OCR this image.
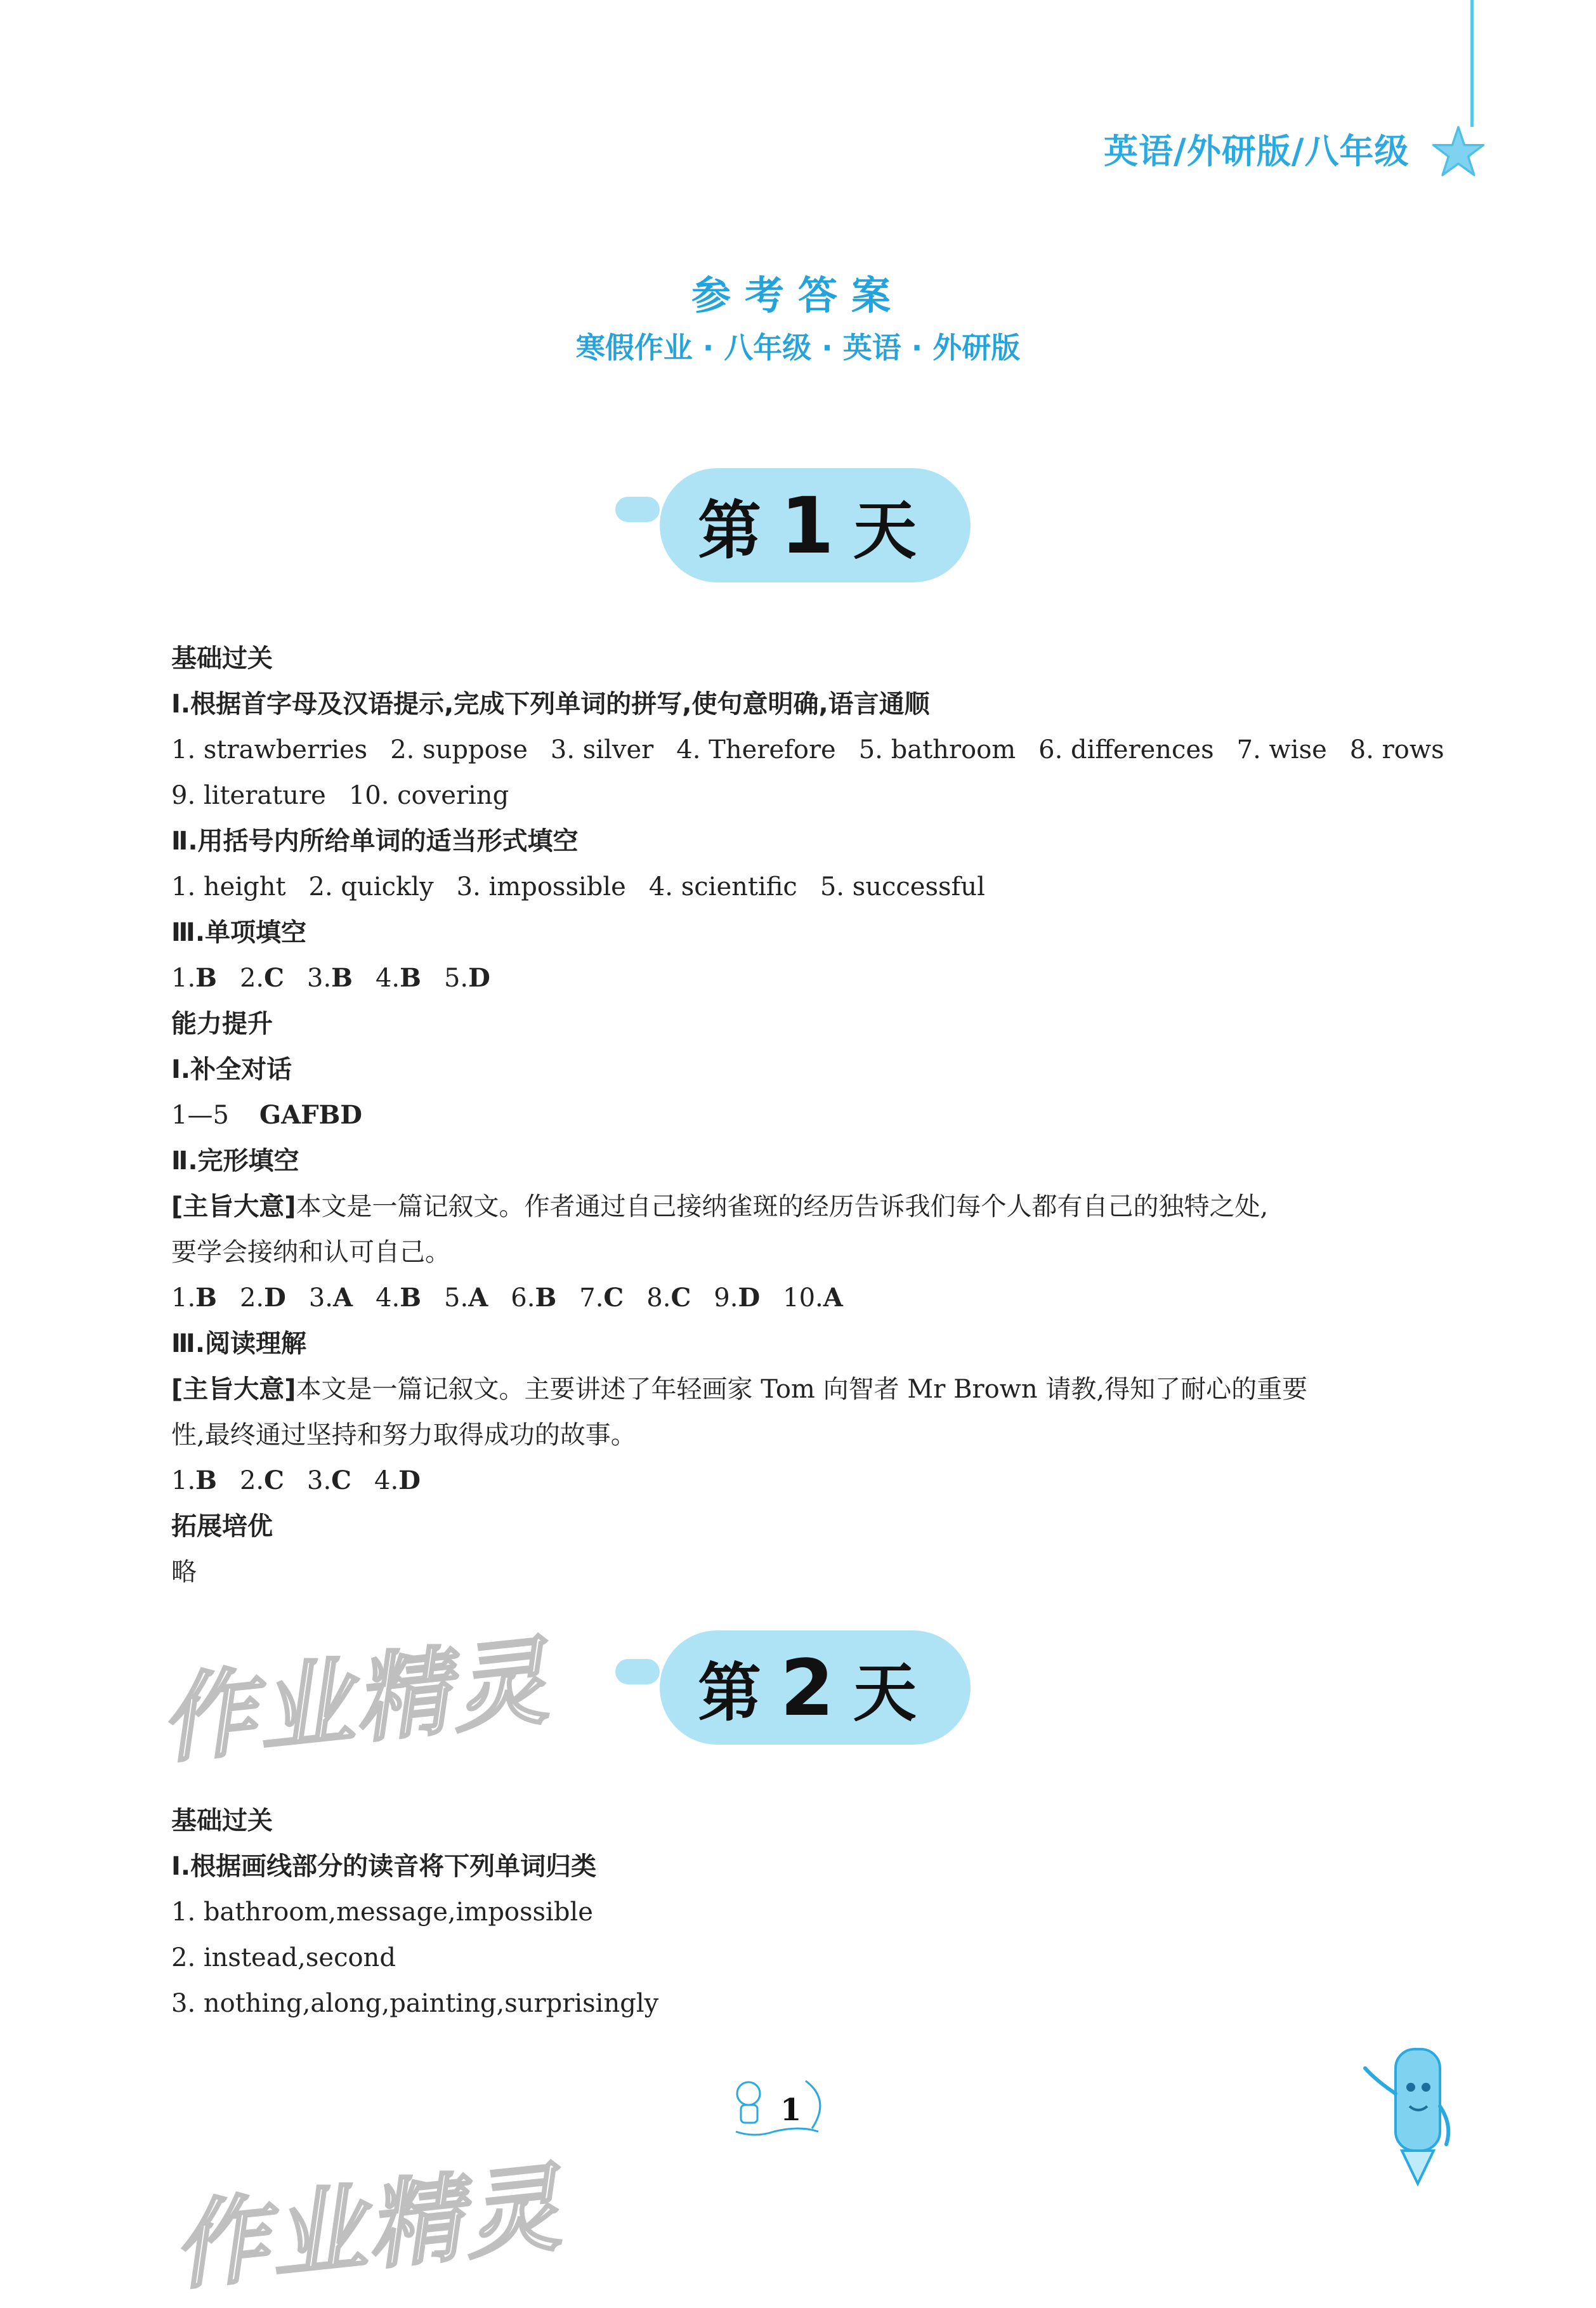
英语/外研版/八年级
参考答案
寒假作业 · 八年级 · 英语 · 外研版
第 1 天
基础过关
Ⅰ.根据首字母及汉语提示,完成下列单词的拼写,使句意明确,语言通顺
1. strawberries 2. suppose 3. silver 4. Therefore 5. bathroom 6. differences 7. wise 8. rows
9. literature 10. covering
Ⅱ.用括号内所给单词的适当形式填空
1. height 2. quickly 3. impossible 4. scientific 5. successful
Ⅲ.单项填空
1.B 2.C 3.B 4.B 5.D
能力提升
Ⅰ.补全对话
1—5 GAFBD
Ⅱ.完形填空
[主旨大意]本文是一篇记叙文。作者通过自己接纳雀斑的经历告诉我们每个人都有自己的独特之处,
要学会接纳和认可自己。
1.B 2.D 3.A 4.B 5.A 6.B 7.C 8.C 9.D 10.A
Ⅲ.阅读理解
[主旨大意]本文是一篇记叙文。主要讲述了年轻画家 Tom 向智者 Mr Brown 请教,得知了耐心的重要
性,最终通过坚持和努力取得成功的故事。
1.B 2.C 3.C 4.D
拓展培优
略
作业精灵 第 2 天
基础过关
Ⅰ.根据画线部分的读音将下列单词归类
1. bathroom,message,impossible
2. instead,second
3. nothing,along,painting,surprisingly
1
作业精灵
